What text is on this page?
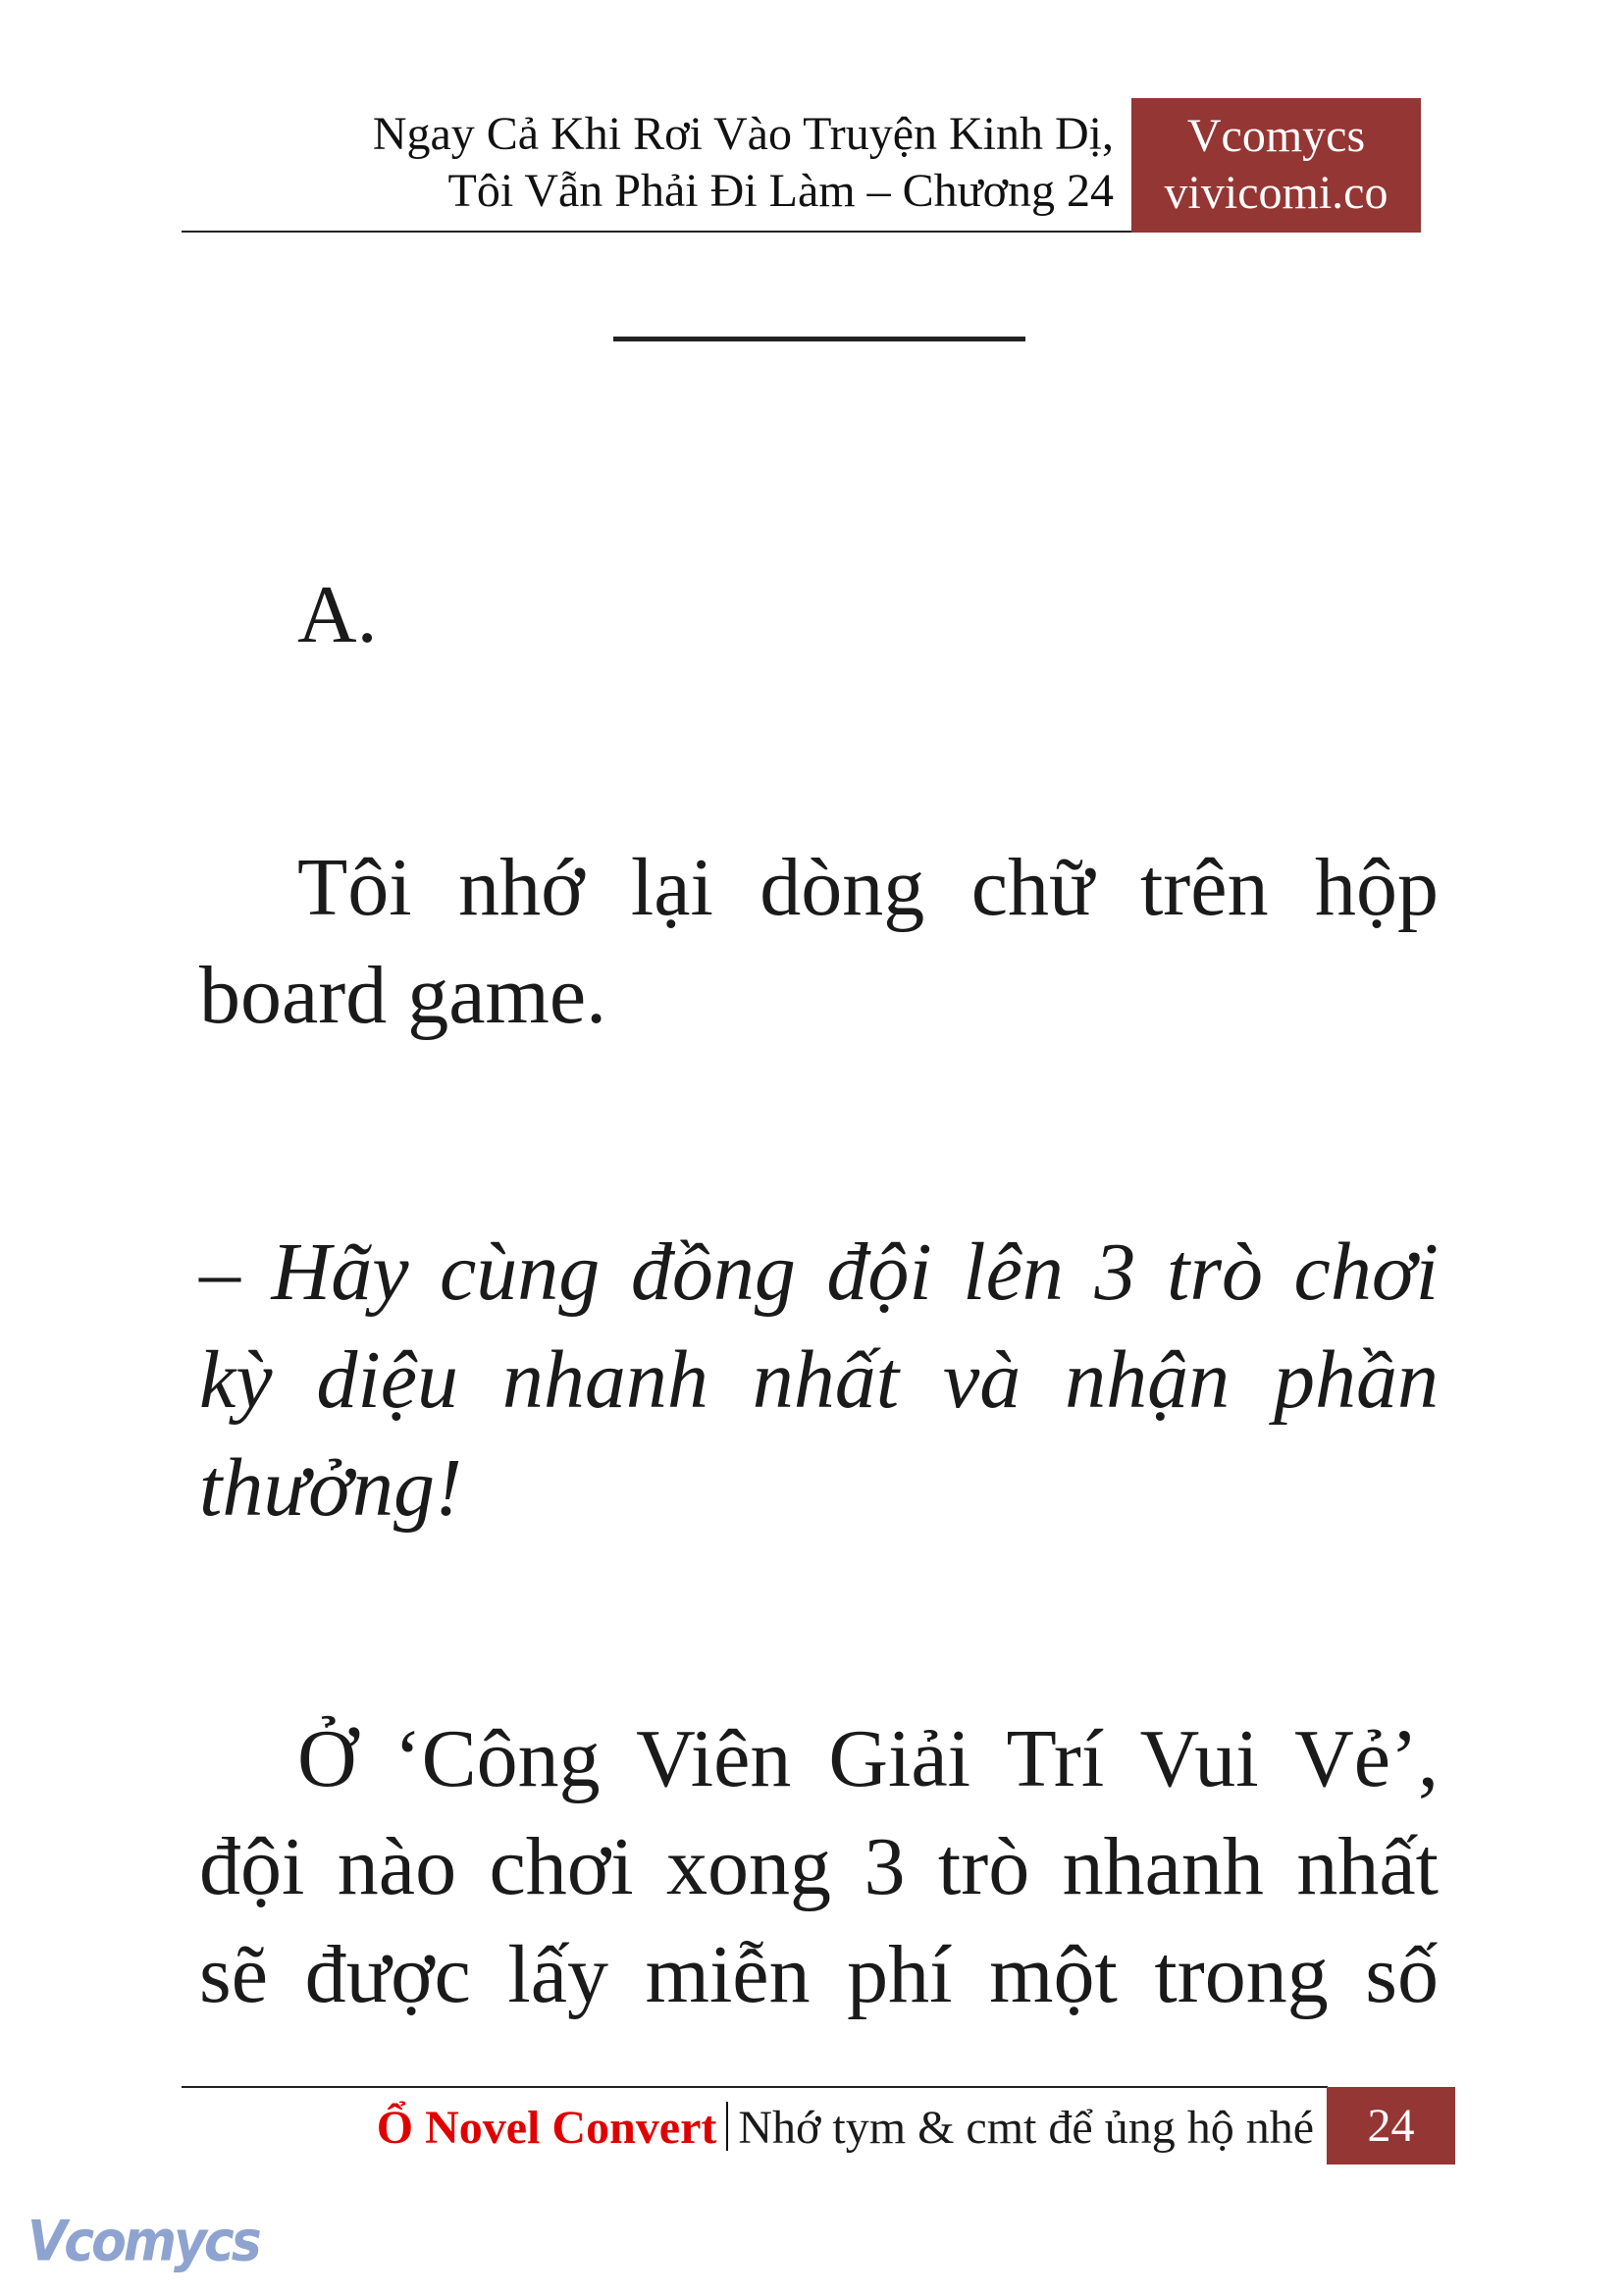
Ngay Cả Khi Rơi Vào Truyện Kinh Dị,
Tôi Vẫn Phải Đi Làm – Chương 24
Vcomycs
vivicomi.co
A.
Tôi nhớ lại dòng chữ trên hộp
board game.
– Hãy cùng đồng đội lên 3 trò chơi
kỳ diệu nhanh nhất và nhận phần
thưởng!
Ở ‘Công Viên Giải Trí Vui Vẻ’,
đội nào chơi xong 3 trò nhanh nhất
sẽ được lấy miễn phí một trong số
Ổ Novel Convert Nhớ tym & cmt để ủng hộ nhé	24
Vcomycs
